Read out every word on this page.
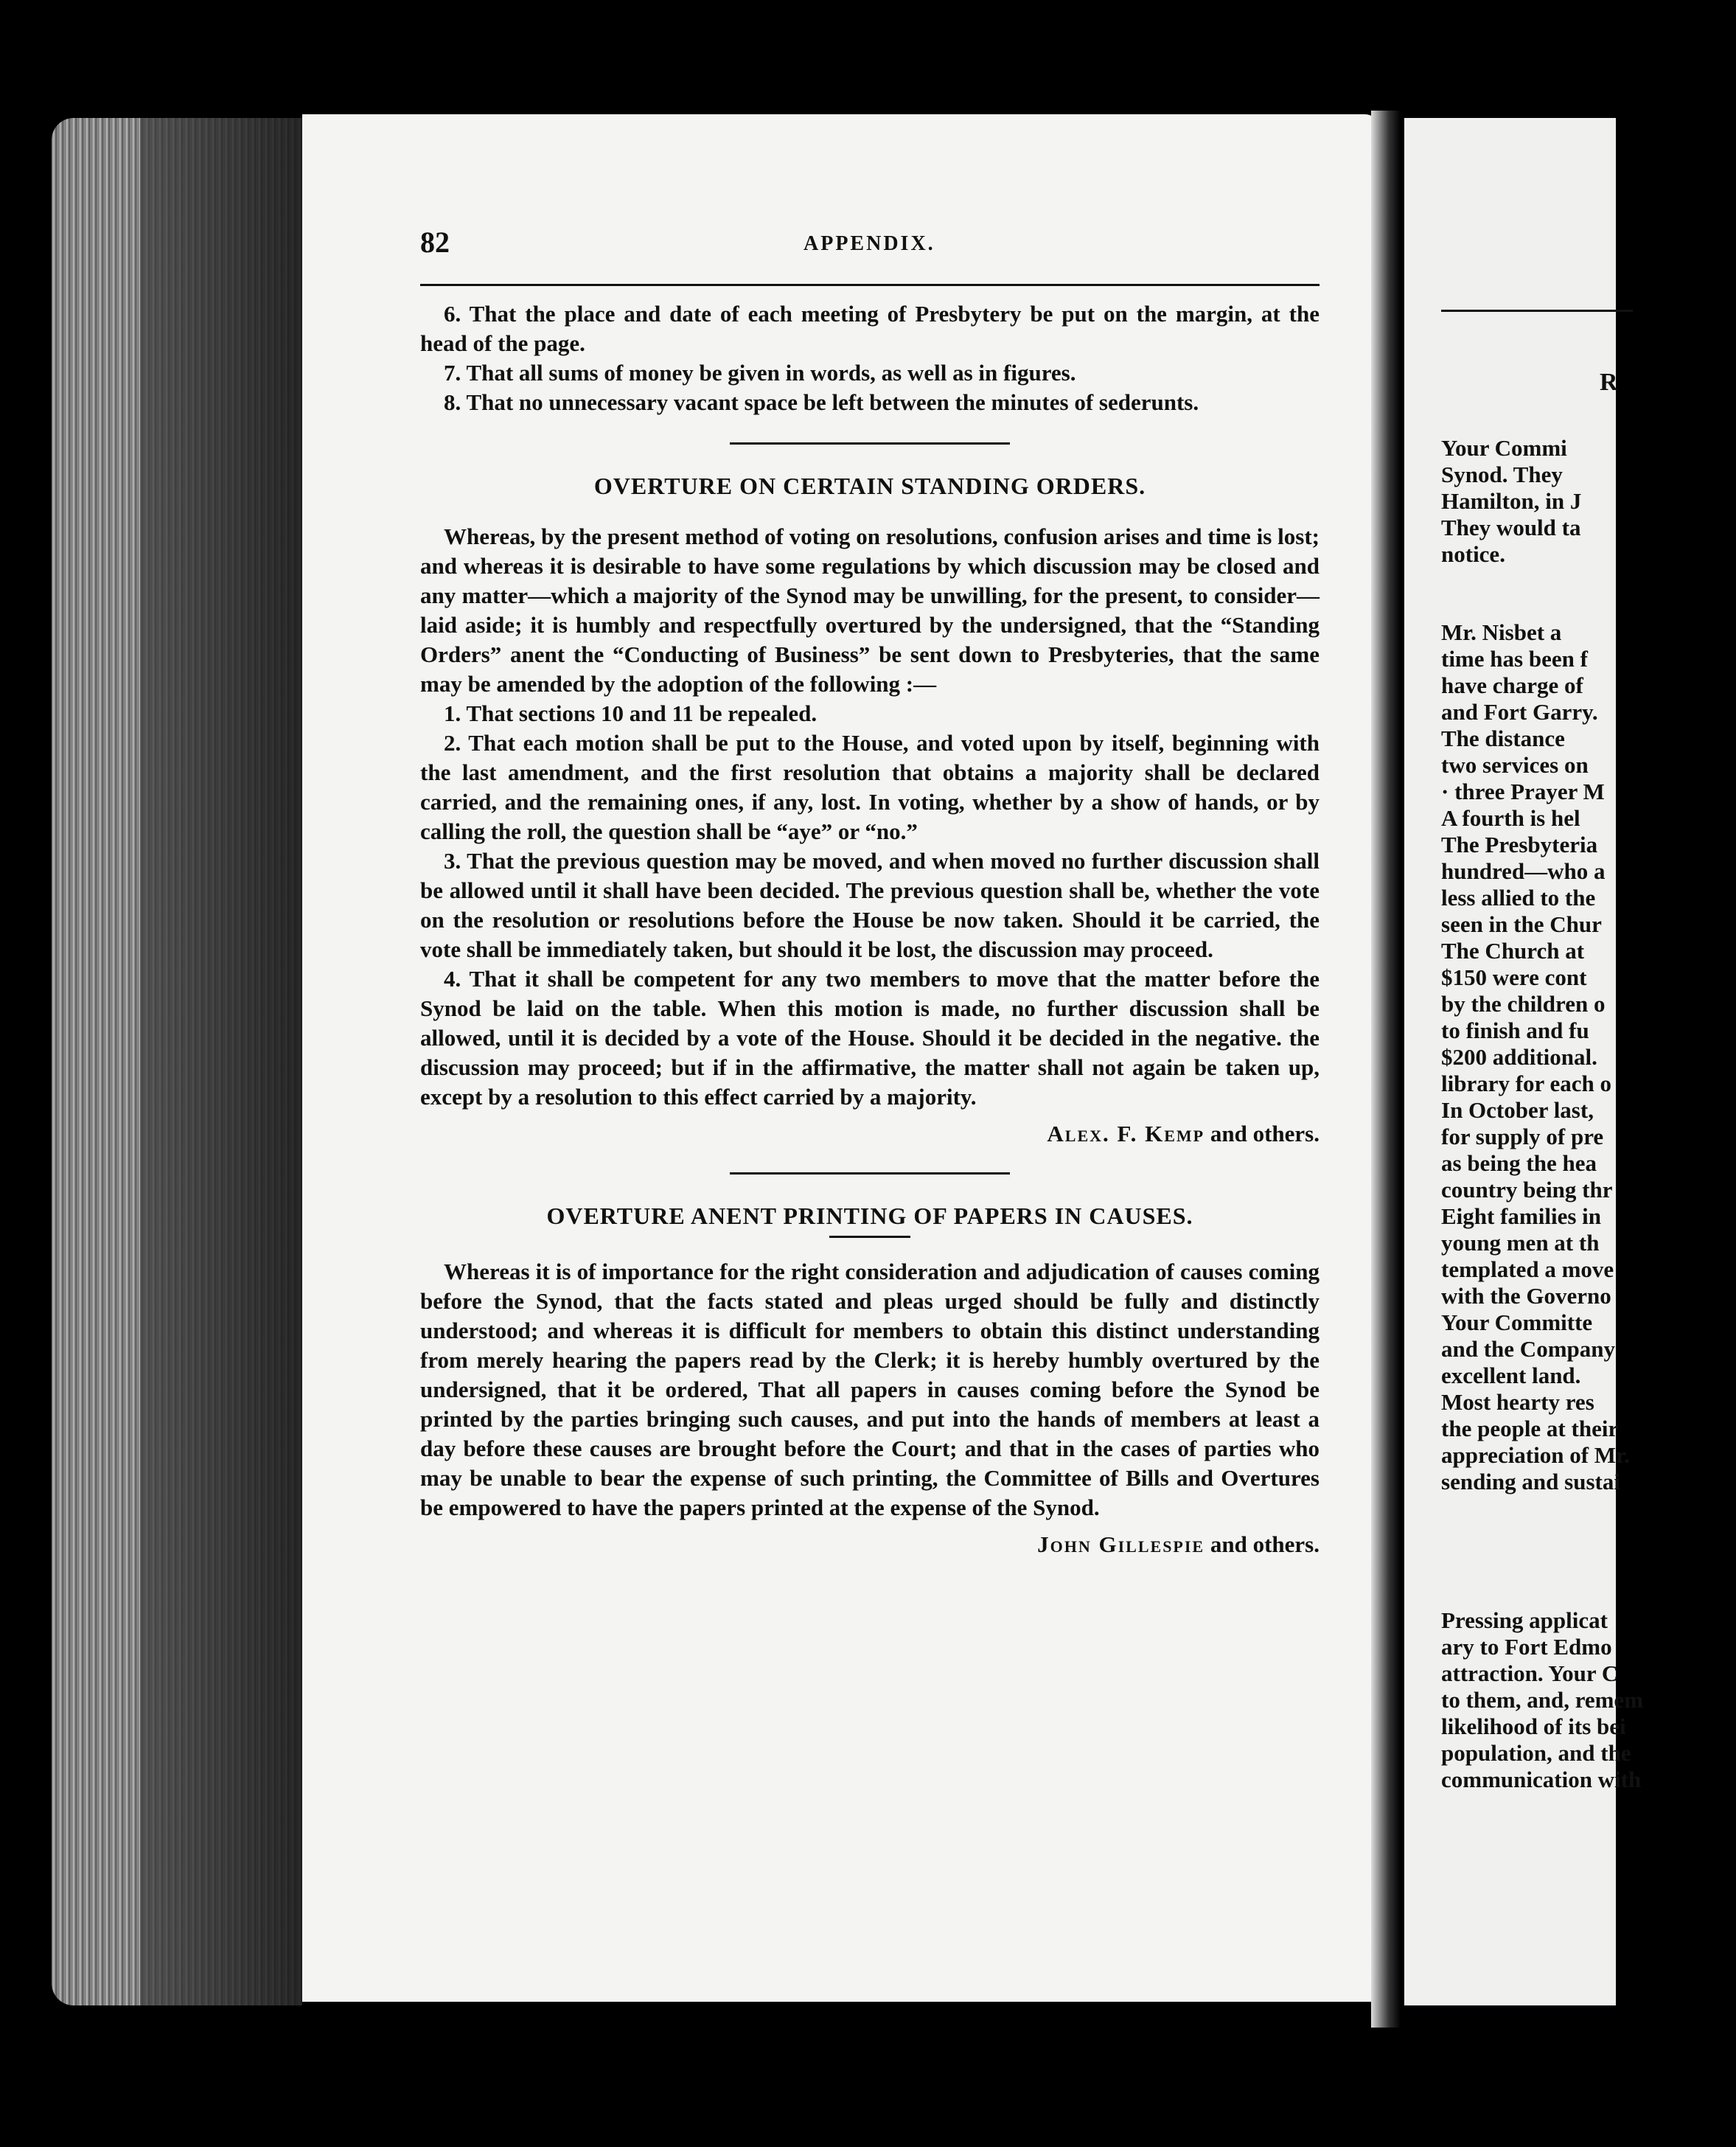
82	APPENDIX.

6. That the place and date of each meeting of Presbytery be put on the margin, at the head of the page.

7. That all sums of money be given in words, as well as in figures.

8. That no unnecessary vacant space be left between the minutes of sederunts.

OVERTURE ON CERTAIN STANDING ORDERS.

Whereas, by the present method of voting on resolutions, confusion arises and time is lost; and whereas it is desirable to have some regulations by which discussion may be closed and any matter—which a majority of the Synod may be unwilling, for the present, to consider—laid aside; it is humbly and respectfully overtured by the undersigned, that the “Standing Orders” anent the “Conducting of Business” be sent down to Presbyteries, that the same may be amended by the adoption of the following :—

1. That sections 10 and 11 be repealed.

2. That each motion shall be put to the House, and voted upon by itself, beginning with the last amendment, and the first resolution that obtains a majority shall be declared carried, and the remaining ones, if any, lost. In voting, whether by a show of hands, or by calling the roll, the question shall be “aye” or “no.”

3. That the previous question may be moved, and when moved no further discussion shall be allowed until it shall have been decided. The previous question shall be, whether the vote on the resolution or resolutions before the House be now taken. Should it be carried, the vote shall be immediately taken, but should it be lost, the discussion may proceed.

4. That it shall be competent for any two members to move that the matter before the Synod be laid on the table. When this motion is made, no further discussion shall be allowed, until it is decided by a vote of the House. Should it be decided in the negative. the discussion may proceed; but if in the affirmative, the matter shall not again be taken up, except by a resolution to this effect carried by a majority.

Alex. F. Kemp and others.
OVERTURE ANENT PRINTING OF PAPERS IN CAUSES.

Whereas it is of importance for the right consideration and adjudication of causes coming before the Synod, that the facts stated and pleas urged should be fully and distinctly understood; and whereas it is difficult for members to obtain this distinct understanding from merely hearing the papers read by the Clerk; it is hereby humbly overtured by the undersigned, that it be ordered, That all papers in causes coming before the Synod be printed by the parties bringing such causes, and put into the hands of members at least a day before these causes are brought before the Court; and that in the cases of parties who may be unable to bear the expense of such printing, the Committee of Bills and Overtures be empowered to have the papers printed at the expense of the Synod.

John Gillespie and others.
R
Your Commi
Synod. They
Hamilton, in J
They would ta
notice.
Mr. Nisbet a
time has been f
have charge of
and Fort Garry.
The distance
two services on
· three Prayer M
A fourth is hel
The Presbyteria
hundred—who a
less allied to the
seen in the Chur
The Church at
$150 were cont
by the children o
to finish and fu
$200 additional.
library for each o
In October last,
for supply of pre
as being the hea
country being thr
Eight families in
young men at th
templated a move
with the Governo
Your Committe
and the Company
excellent land.
Most hearty res
the people at their
appreciation of Mr.
sending and sustai
Pressing applicat
ary to Fort Edmo
attraction. Your C
to them, and, remem
likelihood of its bei
population, and the
communication with
